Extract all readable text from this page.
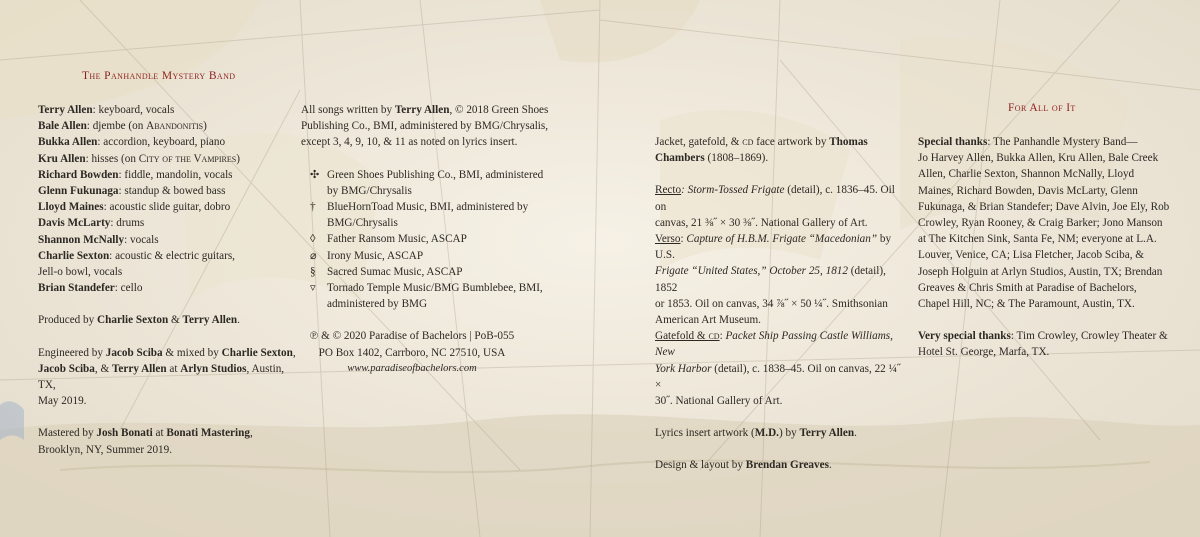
The Panhandle Mystery Band

Terry Allen: keyboard, vocals

Bale Allen: djembe (on Abandonitis)

Bukka Allen: accordion, keyboard, piano

Kru Allen: hisses (on City of the Vampires)

Richard Bowden: fiddle, mandolin, vocals

Glenn Fukunaga: standup & bowed bass

Lloyd Maines: acoustic slide guitar, dobro

Davis McLarty: drums

Shannon McNally: vocals

Charlie Sexton: acoustic & electric guitars,

Jell-o bowl, vocals

Brian Standefer: cello

Produced by Charlie Sexton & Terry Allen.

Engineered by Jacob Sciba & mixed by Charlie Sexton,

Jacob Sciba, & Terry Allen at Arlyn Studios, Austin, TX,

May 2019.

Mastered by Josh Bonati at Bonati Mastering,

Brooklyn, NY, Summer 2019.

All songs written by Terry Allen, © 2018 Green Shoes

Publishing Co., BMI, administered by BMG/Chrysalis,

except 3, 4, 9, 10, & 11 as noted on lyrics insert.

✣ Green Shoes Publishing Co., BMI, administered

by BMG/Chrysalis

† BlueHornToad Music, BMI, administered by

BMG/Chrysalis

◊ Father Ransom Music, ASCAP

⌀ Irony Music, ASCAP

§ Sacred Sumac Music, ASCAP

▿ Tornado Temple Music/BMG Bumblebee, BMI,

administered by BMG

℗ & © 2020 Paradise of Bachelors | PoB-055

PO Box 1402, Carrboro, NC 27510, USA

www.paradiseofbachelors.com

Jacket, gatefold, & cd face artwork by Thomas

Chambers (1808–1869).

Recto: Storm-Tossed Frigate (detail), c. 1836–45. Oil on

canvas, 21 ⅜˝ × 30 ⅜˝. National Gallery of Art.

Verso: Capture of H.B.M. Frigate “Macedonian” by U.S.

Frigate “United States,” October 25, 1812 (detail), 1852

or 1853. Oil on canvas, 34 ⅞˝ × 50 ¼˝. Smithsonian

American Art Museum.

Gatefold & cd: Packet Ship Passing Castle Williams, New

York Harbor (detail), c. 1838–45. Oil on canvas, 22 ¼˝ ×

30˝. National Gallery of Art.

Lyrics insert artwork (M.D.) by Terry Allen.

Design & layout by Brendan Greaves.

For All of It

Special thanks: The Panhandle Mystery Band—

Jo Harvey Allen, Bukka Allen, Kru Allen, Bale Creek

Allen, Charlie Sexton, Shannon McNally, Lloyd

Maines, Richard Bowden, Davis McLarty, Glenn

Fukunaga, & Brian Standefer; Dave Alvin, Joe Ely, Rob

Crowley, Ryan Rooney, & Craig Barker; Jono Manson

at The Kitchen Sink, Santa Fe, NM; everyone at L.A.

Louver, Venice, CA; Lisa Fletcher, Jacob Sciba, &

Joseph Holguin at Arlyn Studios, Austin, TX; Brendan

Greaves & Chris Smith at Paradise of Bachelors,

Chapel Hill, NC; & The Paramount, Austin, TX.

Very special thanks: Tim Crowley, Crowley Theater &

Hotel St. George, Marfa, TX.
